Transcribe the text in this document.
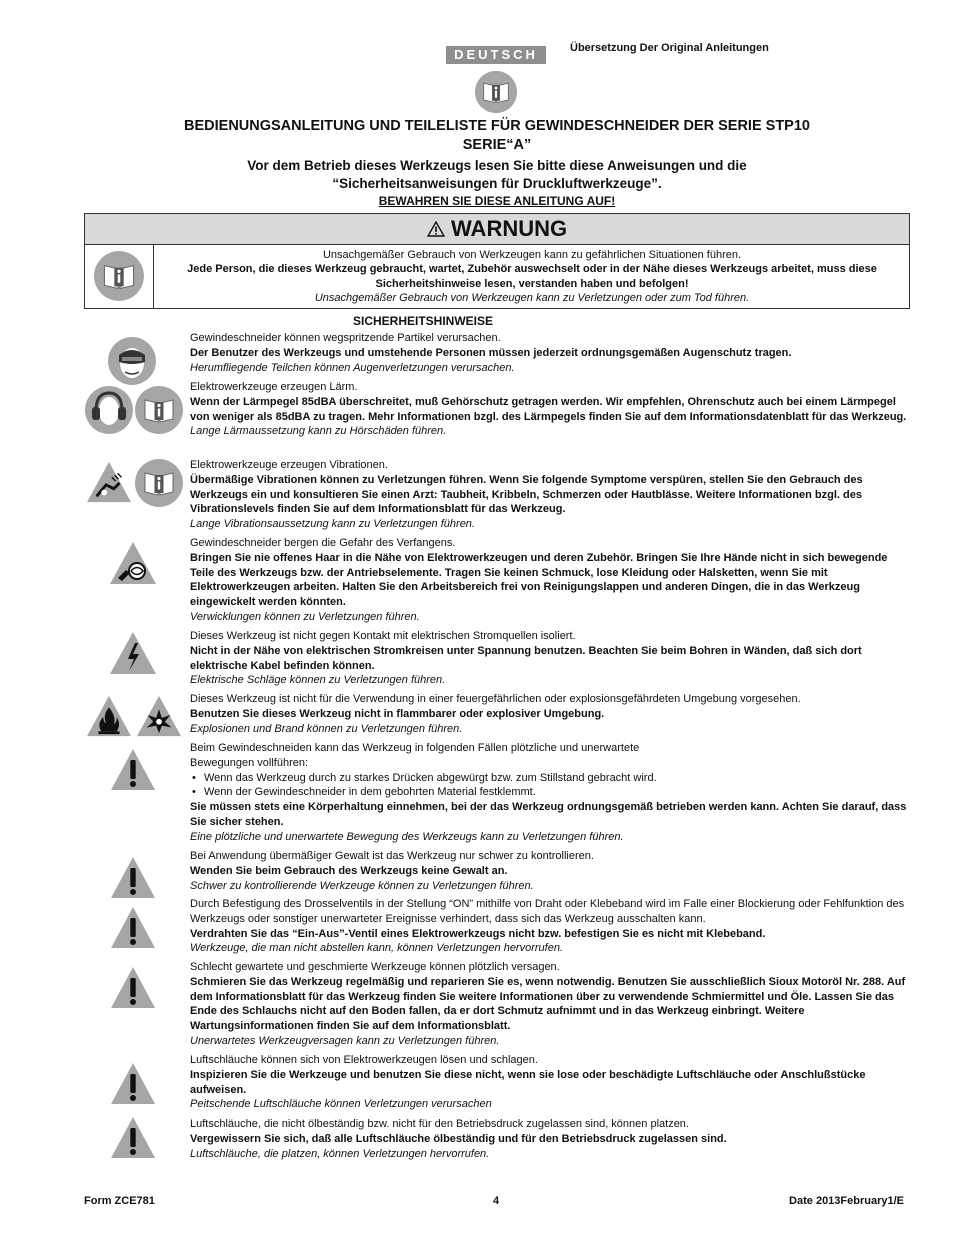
DEUTSCH	Übersetzung Der Original Anleitungen
BEDIENUNGSANLEITUNG UND TEILELISTE FÜR GEWINDESCHNEIDER DER SERIE STP10
SERIE“A”
Vor dem Betrieb dieses Werkzeugs lesen Sie bitte diese Anweisungen und die
“Sicherheitsanweisungen für Druckluftwerkzeuge”.
BEWAHREN SIE DIESE ANLEITUNG AUF!
WARNUNG
Unsachgemäßer Gebrauch von Werkzeugen kann zu gefährlichen Situationen führen.
Jede Person, die dieses Werkzeug gebraucht, wartet, Zubehör auswechselt oder in der Nähe dieses Werkzeugs arbeitet, muss diese Sicherheitshinweise lesen, verstanden haben und befolgen!
Unsachgemäßer Gebrauch von Werkzeugen kann zu Verletzungen oder zum Tod führen.
SICHERHEITSHINWEISE

Gewindeschneider können wegspritzende Partikel verursachen.

Der Benutzer des Werkzeugs und umstehende Personen müssen jederzeit ordnungsgemäßen Augenschutz tragen.

Herumfliegende Teilchen können Augenverletzungen verursachen.

Elektrowerkzeuge erzeugen Lärm.

Wenn der Lärmpegel 85dBA überschreitet, muß Gehörschutz getragen werden. Wir empfehlen, Ohrenschutz auch bei einem Lärmpegel von weniger als 85dBA zu tragen. Mehr Informationen bzgl. des Lärmpegels finden Sie auf dem Informationsdatenblatt für das Werkzeug.

Lange Lärmaussetzung kann zu Hörschäden führen.

Elektrowerkzeuge erzeugen Vibrationen.

Übermäßige Vibrationen können zu Verletzungen führen. Wenn Sie folgende Symptome verspüren, stellen Sie den Gebrauch des Werkzeugs ein und konsultieren Sie einen Arzt: Taubheit, Kribbeln, Schmerzen oder Hautblässe. Weitere Informationen bzgl. des Vibrationslevels finden Sie auf dem Informationsblatt für das Werkzeug.

Lange Vibrationsaussetzung kann zu Verletzungen führen.

Gewindeschneider bergen die Gefahr des Verfangens.

Bringen Sie nie offenes Haar in die Nähe von Elektrowerkzeugen und deren Zubehör. Bringen Sie Ihre Hände nicht in sich bewegende Teile des Werkzeugs bzw. der Antriebselemente. Tragen Sie keinen Schmuck, lose Kleidung oder Halsketten, wenn Sie mit Elektrowerkzeugen arbeiten. Halten Sie den Arbeitsbereich frei von Reinigungslappen und anderen Dingen, die in das Werkzeug eingewickelt werden könnten.

Verwicklungen können zu Verletzungen führen.

Dieses Werkzeug ist nicht gegen Kontakt mit elektrischen Stromquellen isoliert.

Nicht in der Nähe von elektrischen Stromkreisen unter Spannung benutzen. Beachten Sie beim Bohren in Wänden, daß sich dort elektrische Kabel befinden können.

Elektrische Schläge können zu Verletzungen führen.

Dieses Werkzeug ist nicht für die Verwendung in einer feuergefährlichen oder explosionsgefährdeten Umgebung vorgesehen.

Benutzen Sie dieses Werkzeug nicht in flammbarer oder explosiver Umgebung.

Explosionen und Brand können zu Verletzungen führen.

Beim Gewindeschneiden kann das Werkzeug in folgenden Fällen plötzliche und unerwartete

Bewegungen vollführen:

• Wenn das Werkzeug durch zu starkes Drücken abgewürgt bzw. zum Stillstand gebracht wird.
• Wenn der Gewindeschneider in dem gebohrten Material festklemmt.

Sie müssen stets eine Körperhaltung einnehmen, bei der das Werkzeug ordnungsgemäß betrieben werden kann. Achten Sie darauf, dass Sie sicher stehen.

Eine plötzliche und unerwartete Bewegung des Werkzeugs kann zu Verletzungen führen.

Bei Anwendung übermäßiger Gewalt ist das Werkzeug nur schwer zu kontrollieren.

Wenden Sie beim Gebrauch des Werkzeugs keine Gewalt an.

Schwer zu kontrollierende Werkzeuge können zu Verletzungen führen.

Durch Befestigung des Drosselventils in der Stellung “ON” mithilfe von Draht oder Klebeband wird im Falle einer Blockierung oder Fehlfunktion des Werkzeugs oder sonstiger unerwarteter Ereignisse verhindert, dass sich das Werkzeug ausschalten kann.

Verdrahten Sie das “Ein-Aus”-Ventil eines Elektrowerkzeugs nicht bzw. befestigen Sie es nicht mit Klebeband.

Werkzeuge, die man nicht abstellen kann, können Verletzungen hervorrufen.

Schlecht gewartete und geschmierte Werkzeuge können plötzlich versagen.

Schmieren Sie das Werkzeug regelmäßig und reparieren Sie es, wenn notwendig. Benutzen Sie ausschließlich Sioux Motoröl Nr. 288. Auf dem Informationsblatt für das Werkzeug finden Sie weitere Informationen über zu verwendende Schmiermittel und Öle. Lassen Sie das Ende des Schlauchs nicht auf den Boden fallen, da er dort Schmutz aufnimmt und in das Werkzeug einbringt. Weitere Wartungsinformationen finden Sie auf dem Informationsblatt.

Unerwartetes Werkzeugversagen kann zu Verletzungen führen.

Luftschläuche können sich von Elektrowerkzeugen lösen und schlagen.

Inspizieren Sie die Werkzeuge und benutzen Sie diese nicht, wenn sie lose oder beschädigte Luftschläuche oder Anschlußstücke aufweisen.

Peitschende Luftschläuche können Verletzungen verursachen

Luftschläuche, die nicht ölbeständig bzw. nicht für den Betriebsdruck zugelassen sind, können platzen.

Vergewissern Sie sich, daß alle Luftschläuche ölbeständig und für den Betriebsdruck zugelassen sind.

Luftschläuche, die platzen, können Verletzungen hervorrufen.

Form ZCE781	4	Date 2013February1/E
